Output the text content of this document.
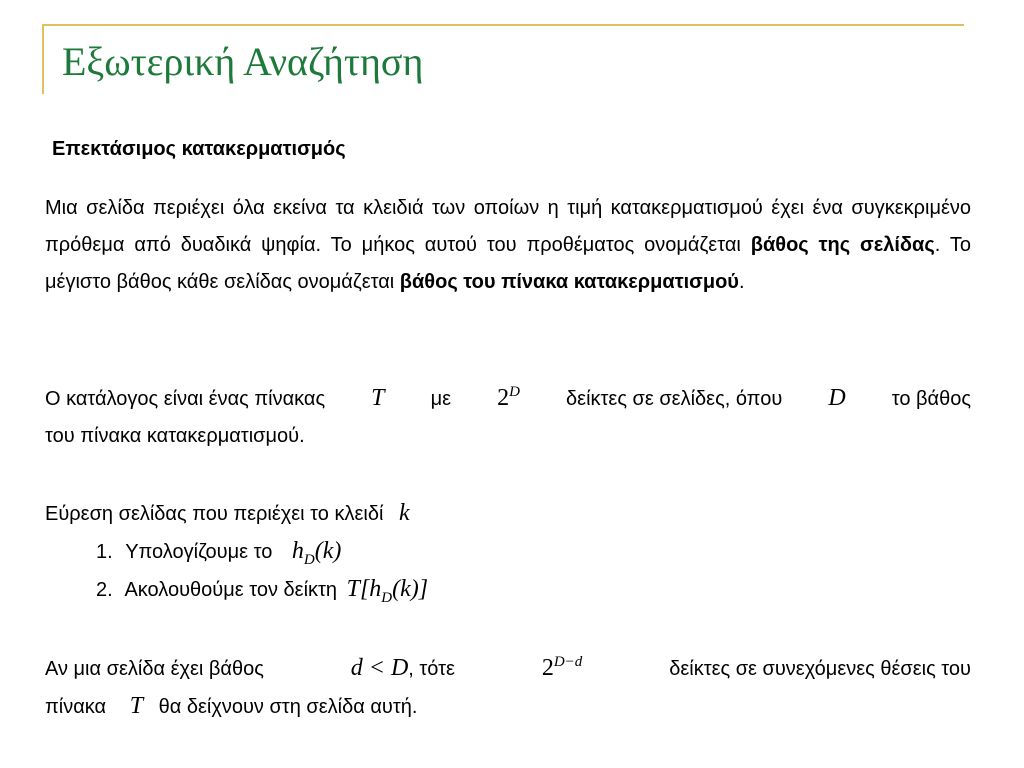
Εξωτερική Αναζήτηση
Επεκτάσιμος κατακερματισμός
Μια σελίδα περιέχει όλα εκείνα τα κλειδιά των οποίων η τιμή κατακερματισμού έχει ένα συγκεκριμένο πρόθεμα από δυαδικά ψηφία. Το μήκος αυτού του προθέματος ονομάζεται βάθος της σελίδας. Το μέγιστο βάθος κάθε σελίδας ονομάζεται βάθος του πίνακα κατακερματισμού.
Ο κατάλογος είναι ένας πίνακας T με $2^D$ δείκτες σε σελίδες, όπου D το βάθος
του πίνακα κατακερματισμού.
Εύρεση σελίδας που περιέχει το κλειδί k
1. Υπολογίζουμε το $h_D(k)$
2. Ακολουθούμε τον δείκτη $T[h_D(k)]$
Αν μια σελίδα έχει βάθος	d < D, τότε	$2^{D-d}$	δείκτες σε συνεχόμενες θέσεις του
πίνακα T θα δείχνουν στη σελίδα αυτή.
